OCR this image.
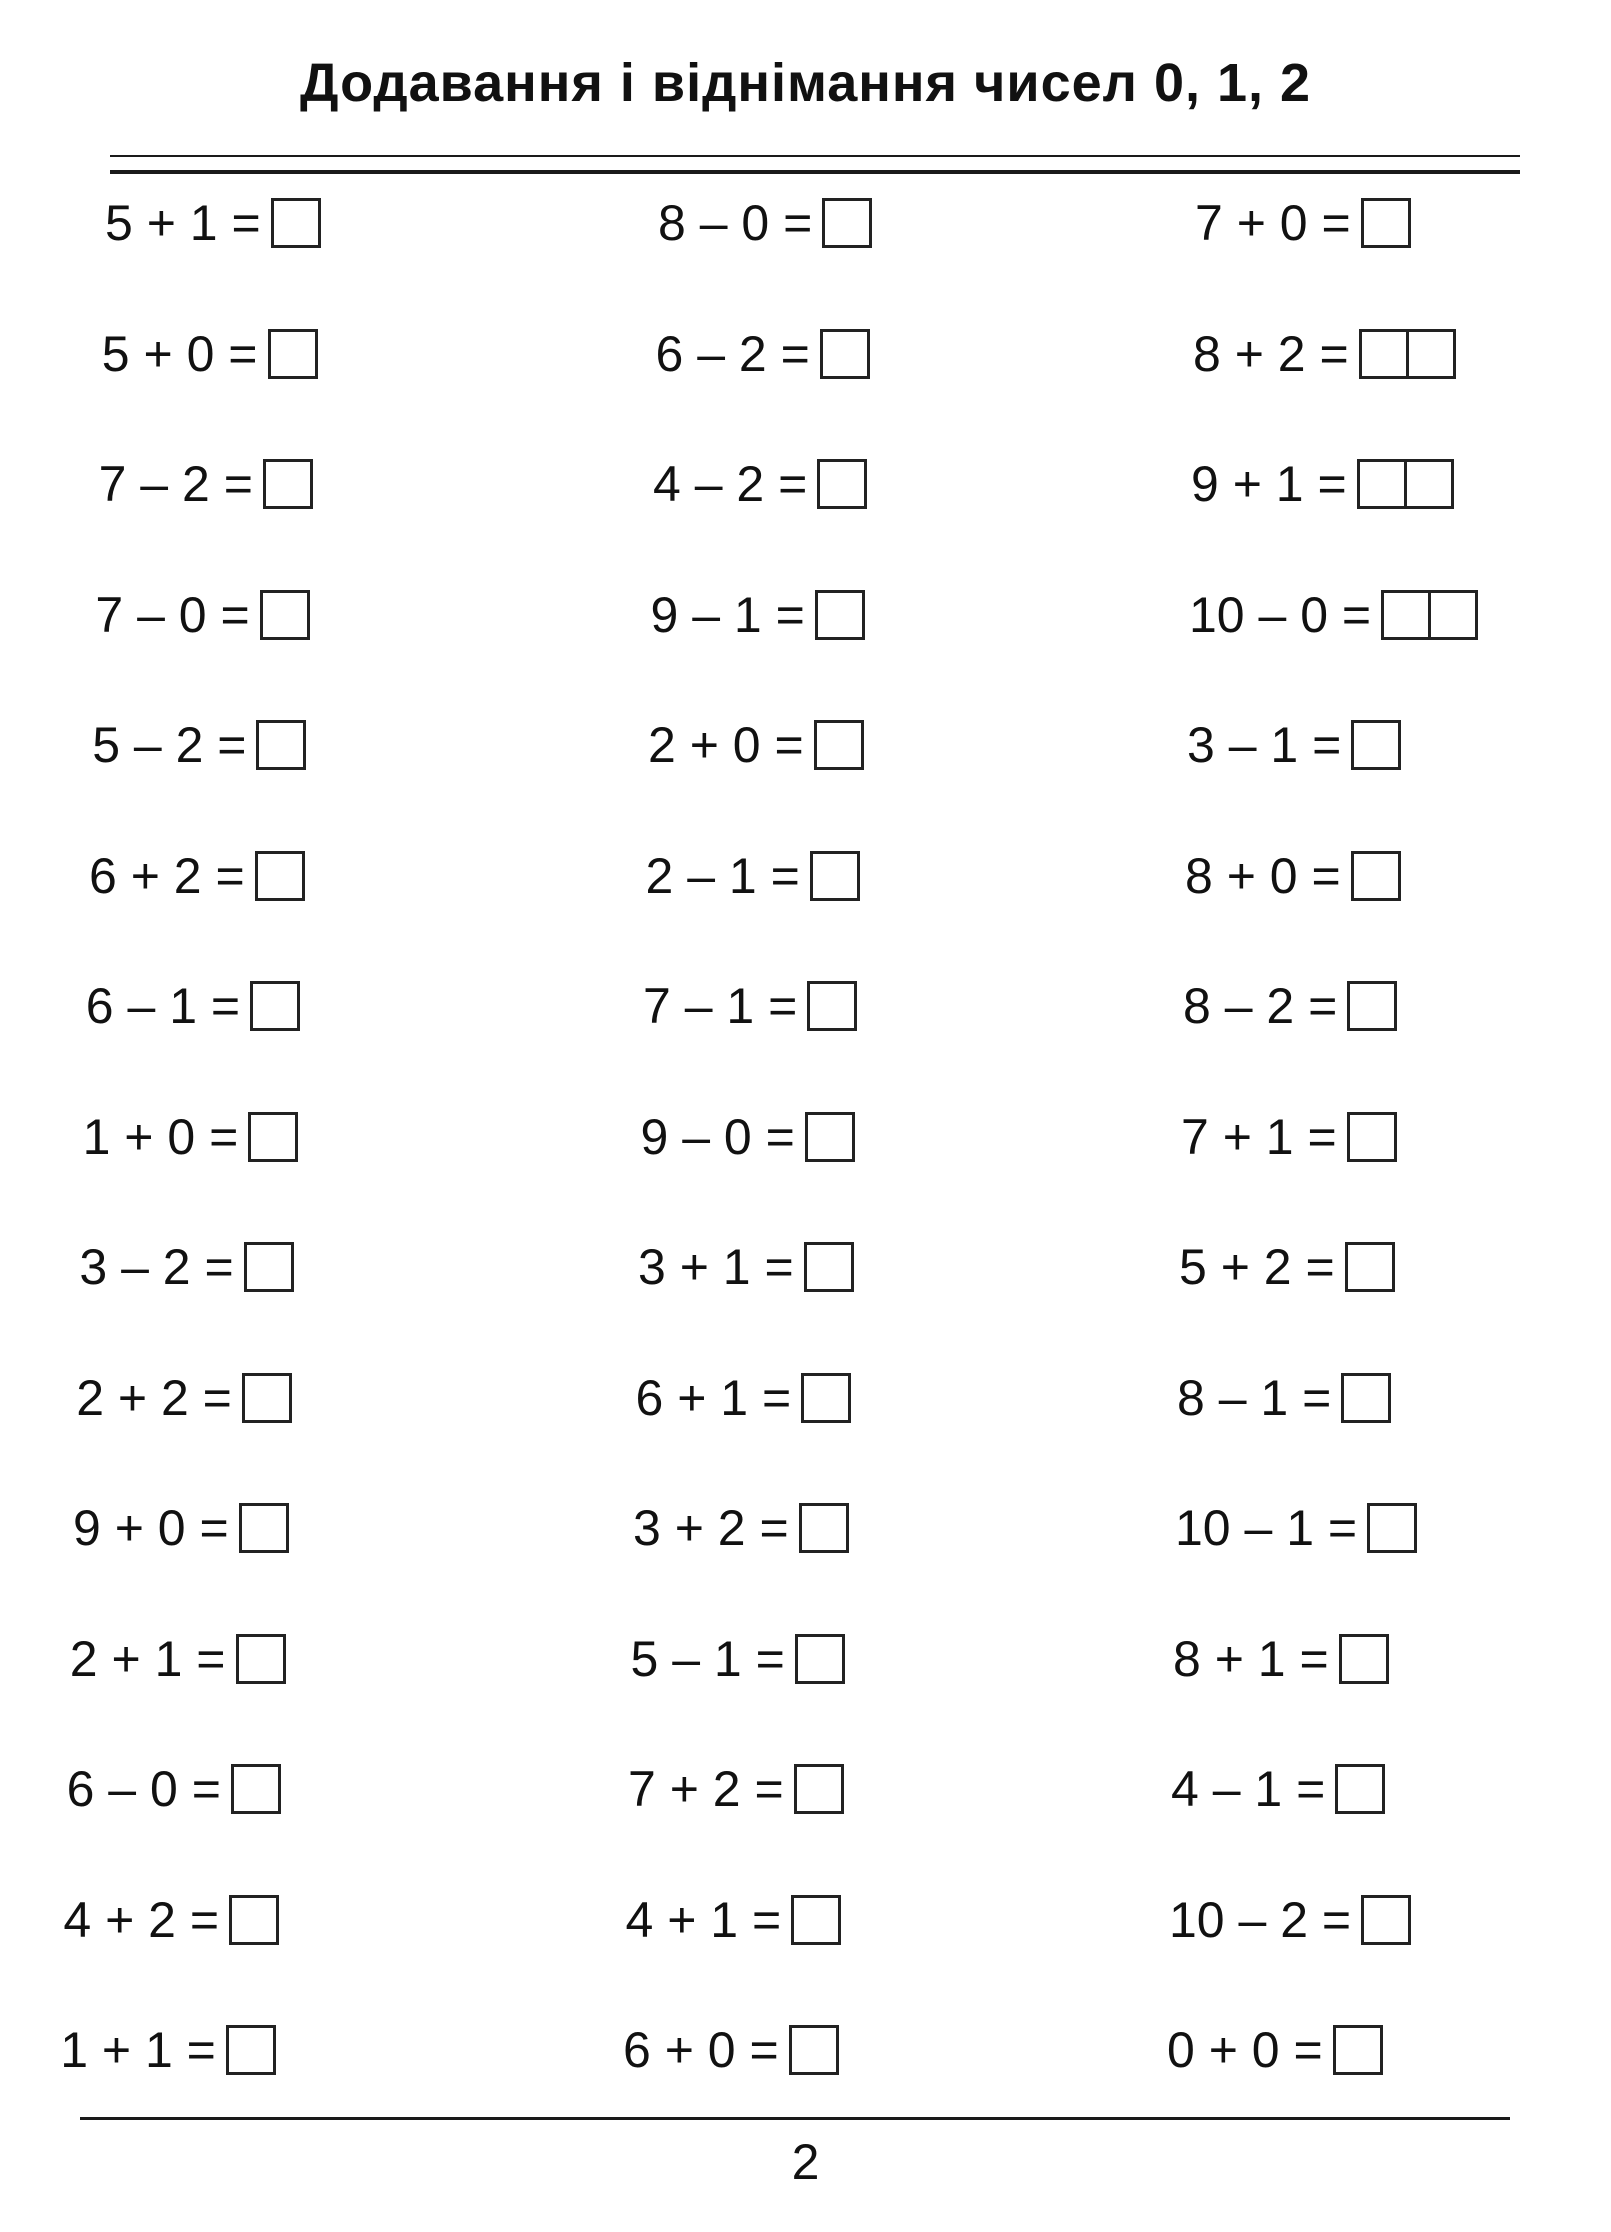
Додавання і віднімання чисел 0, 1, 2
5 + 1 =
5 + 0 =
7 – 2 =
7 – 0 =
5 – 2 =
6 + 2 =
6 – 1 =
1 + 0 =
3 – 2 =
2 + 2 =
9 + 0 =
2 + 1 =
6 – 0 =
4 + 2 =
1 + 1 =
8 – 0 =
6 – 2 =
4 – 2 =
9 – 1 =
2 + 0 =
2 – 1 =
7 – 1 =
9 – 0 =
3 + 1 =
6 + 1 =
3 + 2 =
5 – 1 =
7 + 2 =
4 + 1 =
6 + 0 =
7 + 0 =
8 + 2 =
9 + 1 =
10 – 0 =
3 – 1 =
8 + 0 =
8 – 2 =
7 + 1 =
5 + 2 =
8 – 1 =
10 – 1 =
8 + 1 =
4 – 1 =
10 – 2 =
0 + 0 =
2
